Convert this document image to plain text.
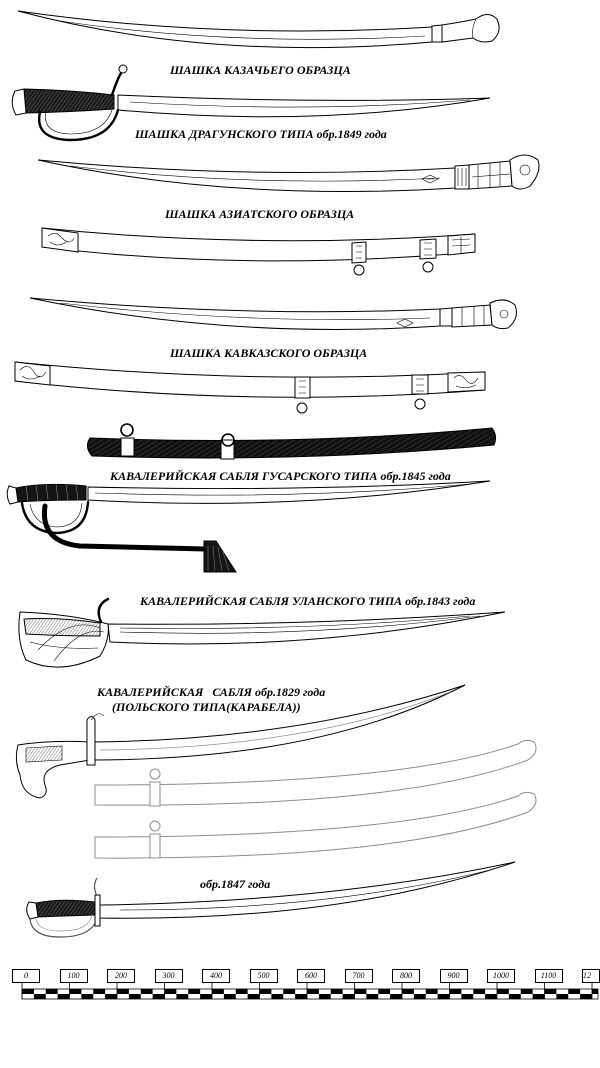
ШАШКА КАЗАЧЬЕГО ОБРАЗЦА
ШАШКА ДРАГУНСКОГО ТИПА обр.1849 года
ШАШКА АЗИАТСКОГО ОБРАЗЦА
ШАШКА КАВКАЗСКОГО ОБРАЗЦА
КАВАЛЕРИЙСКАЯ САБЛЯ ГУСАРСКОГО ТИПА обр.1845 года
КАВАЛЕРИЙСКАЯ САБЛЯ УЛАНСКОГО ТИПА обр.1843 года
КАВАЛЕРИЙСКАЯ   САБЛЯ обр.1829 года
(ПОЛЬСКОГО ТИПА(КАРАБЕЛА))
обр.1847 года
0	100	200	300	400	500	600	700	800	900	1000	1100	12
